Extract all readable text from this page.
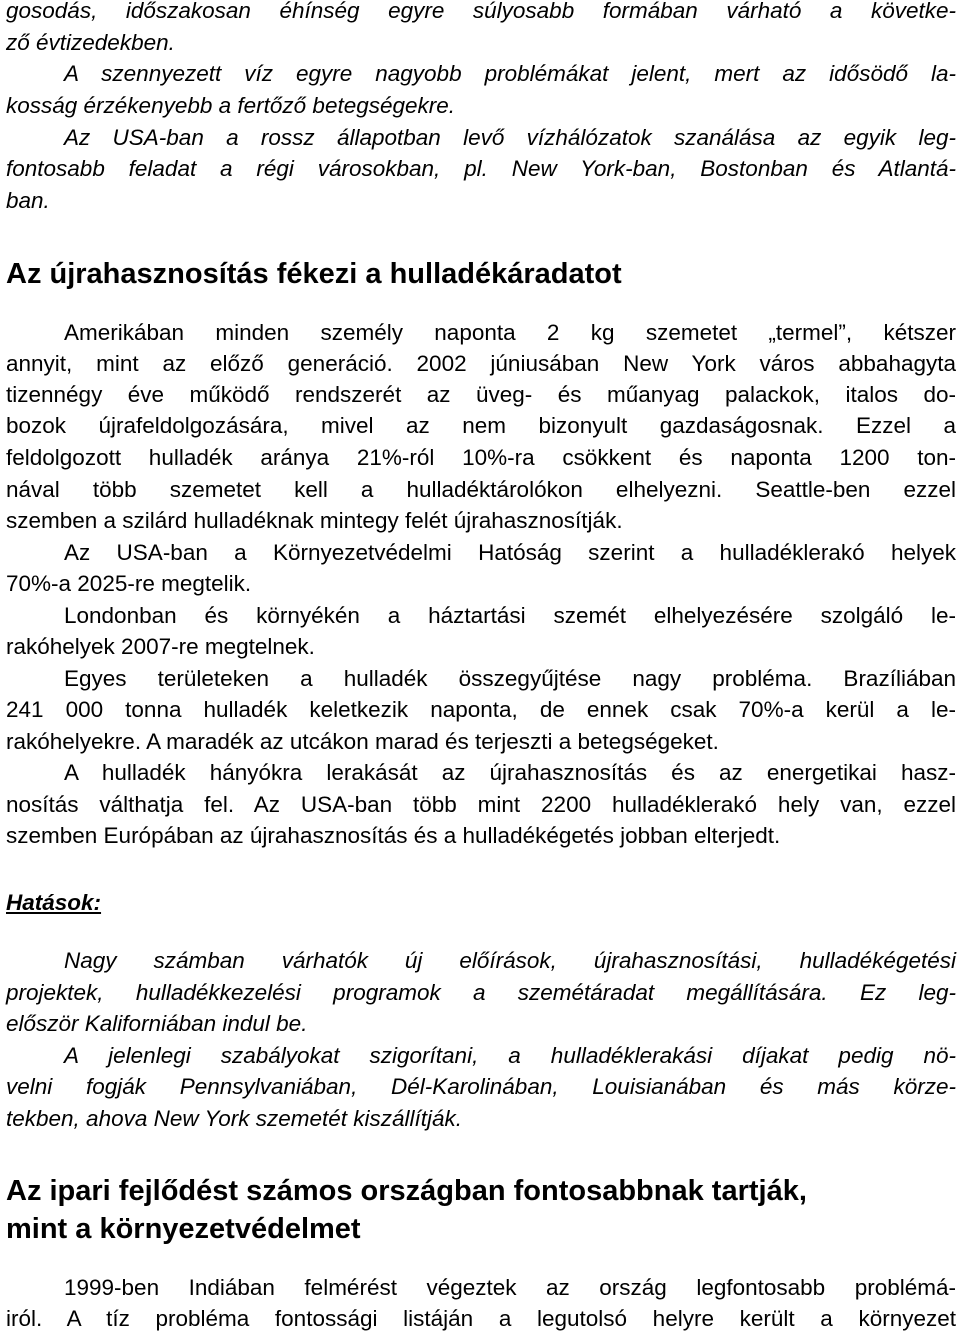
gosodás, időszakosan éhínség egyre súlyosabb formában várható a követke-
ző évtizedekben.
A szennyezett víz egyre nagyobb problémákat jelent, mert az idősödő la-
kosság érzékenyebb a fertőző betegségekre.
Az USA-ban a rossz állapotban levő vízhálózatok szanálása az egyik leg-
fontosabb feladat a régi városokban, pl. New York-ban, Bostonban és Atlantá-
ban.
Az újrahasznosítás fékezi a hulladékáradatot
Amerikában minden személy naponta 2 kg szemetet „termel”, kétszer
annyit, mint az előző generáció. 2002 júniusában New York város abbahagyta
tizennégy éve működő rendszerét az üveg- és műanyag palackok, italos do-
bozok újrafeldolgozására, mivel az nem bizonyult gazdaságosnak. Ezzel a
feldolgozott hulladék aránya 21%-ról 10%-ra csökkent és naponta 1200 ton-
nával több szemetet kell a hulladéktárolókon elhelyezni. Seattle-ben ezzel
szemben a szilárd hulladéknak mintegy felét újrahasznosítják.
Az USA-ban a Környezetvédelmi Hatóság szerint a hulladéklerakó helyek
70%-a 2025-re megtelik.
Londonban és környékén a háztartási szemét elhelyezésére szolgáló le-
rakóhelyek 2007-re megtelnek.
Egyes területeken a hulladék összegyűjtése nagy probléma. Brazíliában
241 000 tonna hulladék keletkezik naponta, de ennek csak 70%-a kerül a le-
rakóhelyekre. A maradék az utcákon marad és terjeszti a betegségeket.
A hulladék hányókra lerakását az újrahasznosítás és az energetikai hasz-
nosítás válthatja fel. Az USA-ban több mint 2200 hulladéklerakó hely van, ezzel
szemben Európában az újrahasznosítás és a hulladékégetés jobban elterjedt.
Hatások:
Nagy számban várhatók új előírások, újrahasznosítási, hulladékégetési
projektek, hulladékkezelési programok a szemétáradat megállítására. Ez leg-
először Kaliforniában indul be.
A jelenlegi szabályokat szigorítani, a hulladéklerakási díjakat pedig nö-
velni fogják Pennsylvaniában, Dél-Karolinában, Louisianában és más körze-
tekben, ahova New York szemetét kiszállítják.
Az ipari fejlődést számos országban fontosabbnak tartják,
mint a környezetvédelmet
1999-ben Indiában felmérést végeztek az ország legfontosabb problémá-
iról. A tíz probléma fontossági listáján a legutolsó helyre került a környezet
